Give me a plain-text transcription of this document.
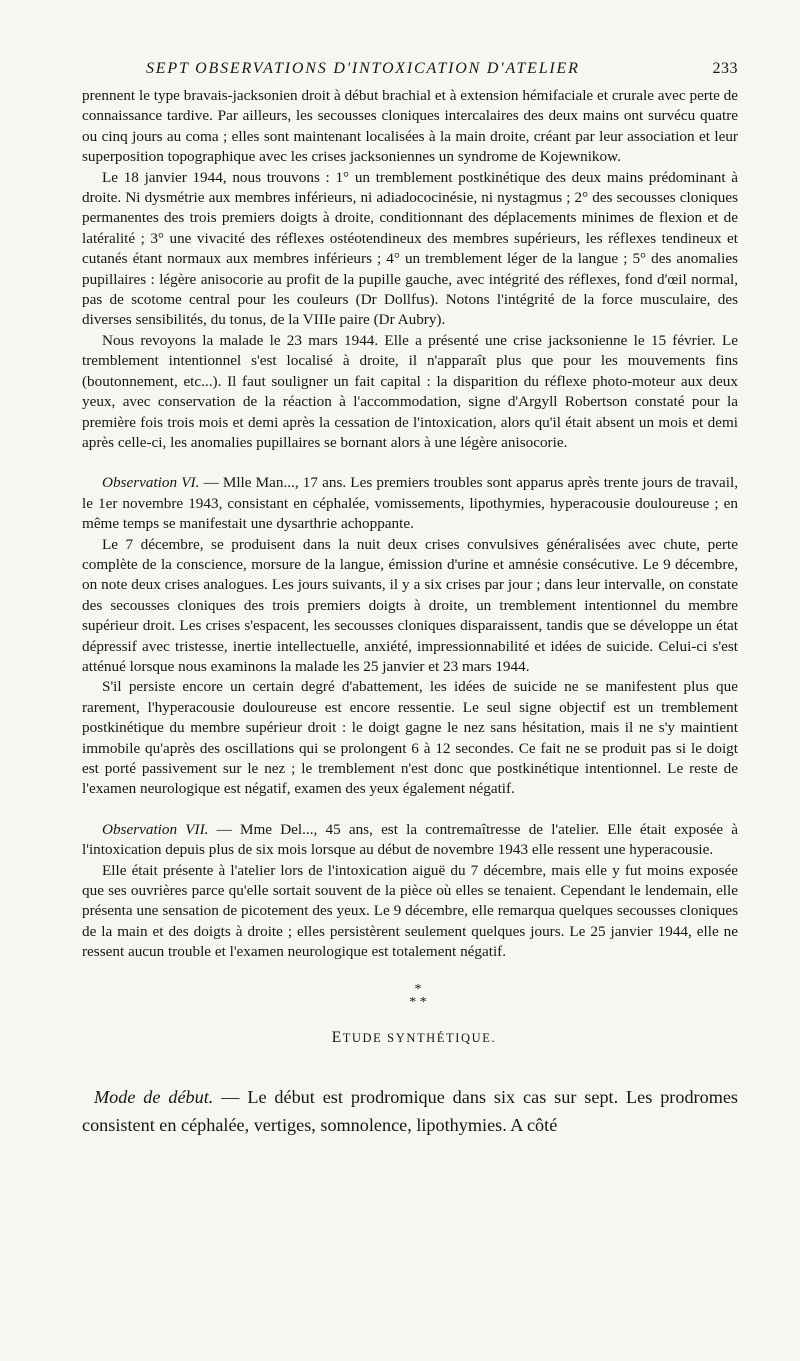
SEPT OBSERVATIONS D'INTOXICATION D'ATELIER	233

prennent le type bravais-jacksonien droit à début brachial et à extension hémifaciale et crurale avec perte de connaissance tardive. Par ailleurs, les secousses cloniques intercalaires des deux mains ont survécu quatre ou cinq jours au coma ; elles sont maintenant localisées à la main droite, créant par leur association et leur superposition topographique avec les crises jacksoniennes un syndrome de Kojewnikow.

Le 18 janvier 1944, nous trouvons : 1° un tremblement postkinétique des deux mains prédominant à droite. Ni dysmétrie aux membres inférieurs, ni adiadococinésie, ni nystagmus ; 2° des secousses cloniques permanentes des trois premiers doigts à droite, conditionnant des déplacements minimes de flexion et de latéralité ; 3° une vivacité des réflexes ostéotendineux des membres supérieurs, les réflexes tendineux et cutanés étant normaux aux membres inférieurs ; 4° un tremblement léger de la langue ; 5° des anomalies pupillaires : légère anisocorie au profit de la pupille gauche, avec intégrité des réflexes, fond d'œil normal, pas de scotome central pour les couleurs (Dr Dollfus). Notons l'intégrité de la force musculaire, des diverses sensibilités, du tonus, de la VIIIe paire (Dr Aubry).

Nous revoyons la malade le 23 mars 1944. Elle a présenté une crise jacksonienne le 15 février. Le tremblement intentionnel s'est localisé à droite, il n'apparaît plus que pour les mouvements fins (boutonnement, etc...). Il faut souligner un fait capital : la disparition du réflexe photo-moteur aux deux yeux, avec conservation de la réaction à l'accommodation, signe d'Argyll Robertson constaté pour la première fois trois mois et demi après la cessation de l'intoxication, alors qu'il était absent un mois et demi après celle-ci, les anomalies pupillaires se bornant alors à une légère anisocorie.

Observation VI. — Mlle Man..., 17 ans. Les premiers troubles sont apparus après trente jours de travail, le 1er novembre 1943, consistant en céphalée, vomissements, lipothymies, hyperacousie douloureuse ; en même temps se manifestait une dysarthrie achoppante.

Le 7 décembre, se produisent dans la nuit deux crises convulsives généralisées avec chute, perte complète de la conscience, morsure de la langue, émission d'urine et amnésie consécutive. Le 9 décembre, on note deux crises analogues. Les jours suivants, il y a six crises par jour ; dans leur intervalle, on constate des secousses cloniques des trois premiers doigts à droite, un tremblement intentionnel du membre supérieur droit. Les crises s'espacent, les secousses cloniques disparaissent, tandis que se développe un état dépressif avec tristesse, inertie intellectuelle, anxiété, impressionnabilité et idées de suicide. Celui-ci s'est atténué lorsque nous examinons la malade les 25 janvier et 23 mars 1944.

S'il persiste encore un certain degré d'abattement, les idées de suicide ne se manifestent plus que rarement, l'hyperacousie douloureuse est encore ressentie. Le seul signe objectif est un tremblement postkinétique du membre supérieur droit : le doigt gagne le nez sans hésitation, mais il ne s'y maintient immobile qu'après des oscillations qui se prolongent 6 à 12 secondes. Ce fait ne se produit pas si le doigt est porté passivement sur le nez ; le tremblement n'est donc que postkinétique intentionnel. Le reste de l'examen neurologique est négatif, examen des yeux également négatif.

Observation VII. — Mme Del..., 45 ans, est la contremaîtresse de l'atelier. Elle était exposée à l'intoxication depuis plus de six mois lorsque au début de novembre 1943 elle ressent une hyperacousie.

Elle était présente à l'atelier lors de l'intoxication aiguë du 7 décembre, mais elle y fut moins exposée que ses ouvrières parce qu'elle sortait souvent de la pièce où elles se tenaient. Cependant le lendemain, elle présenta une sensation de picotement des yeux. Le 9 décembre, elle remarqua quelques secousses cloniques de la main et des doigts à droite ; elles persistèrent seulement quelques jours. Le 25 janvier 1944, elle ne ressent aucun trouble et l'examen neurologique est totalement négatif.

*
* *
ETUDE SYNTHÉTIQUE.

Mode de début. — Le début est prodromique dans six cas sur sept. Les prodromes consistent en céphalée, vertiges, somnolence, lipothymies. A côté
